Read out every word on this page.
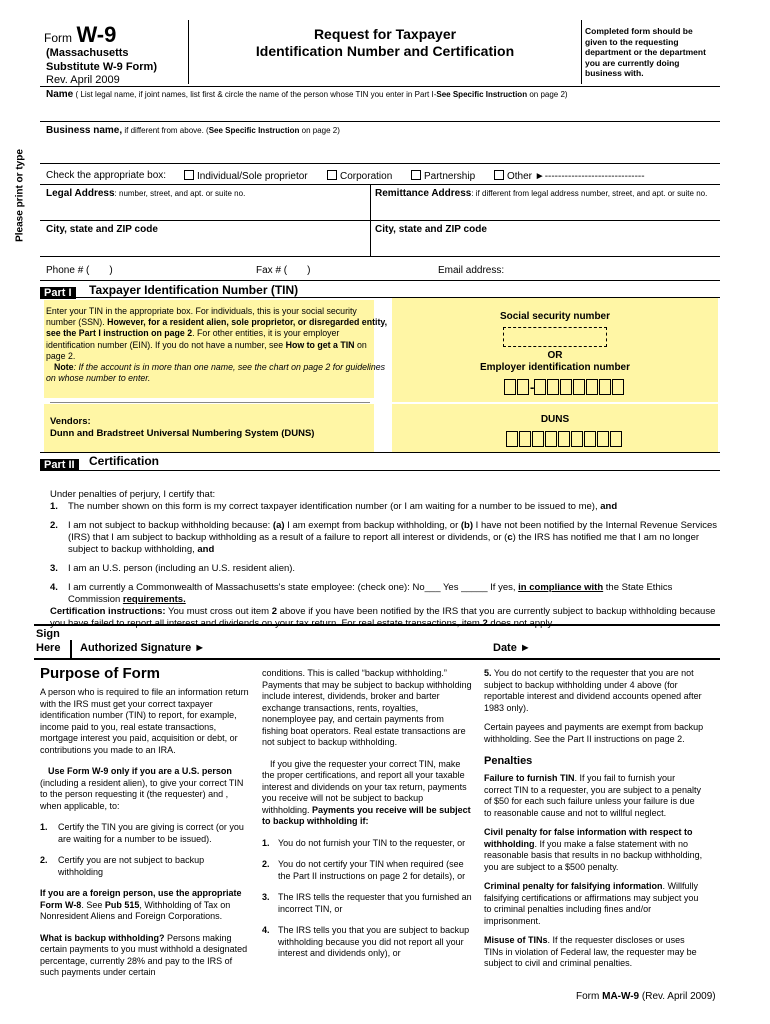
Form W-9
(Massachusetts
Substitute W-9 Form)
Rev. April 2009
Request for Taxpayer
Identification Number and Certification
Completed form should be given to the requesting department or the department you are currently doing business with.
Please print or type
Name ( List legal name, if joint names, list first & circle the name of the person whose TIN you enter in Part I-See Specific Instruction on page 2)
Business name, if different from above. (See Specific Instruction on page 2)
Check the appropriate box:	Individual/Sole proprietor	Corporation	Partnership	Other ►------------------------------
Legal Address: number, street, and apt. or suite no.	Remittance Address: if different from legal address number, street, and apt. or suite no.
City, state and ZIP code	City, state and ZIP code
Phone # ( )	Fax # ( )	Email address:
Part I	Taxpayer Identification Number (TIN)
Enter your TIN in the appropriate box. For individuals, this is your social security number (SSN). However, for a resident alien, sole proprietor, or disregarded entity, see the Part I instruction on page 2. For other entities, it is your employer identification number (EIN). If you do not have a number, see How to get a TIN on page 2.
Note: If the account is in more than one name, see the chart on page 2 for guidelines on whose number to enter.
Social security number
OR
Employer identification number
-
Vendors:
Dunn and Bradstreet Universal Numbering System (DUNS)
DUNS
Part II	Certification
Under penalties of perjury, I certify that:
1.	The number shown on this form is my correct taxpayer identification number (or I am waiting for a number to be issued to me), and
2.	I am not subject to backup withholding because: (a) I am exempt from backup withholding, or (b) I have not been notified by the Internal Revenue Services (IRS) that I am subject to backup withholding as a result of a failure to report all interest or dividends, or (c) the IRS has notified me that I am no longer subject to backup withholding, and
3.	I am an U.S. person (including an U.S. resident alien).
4.	I am currently a Commonwealth of Massachusetts's state employee: (check one): No___ Yes _____ If yes, in compliance with the State Ethics Commission requirements.
Certification instructions: You must cross out item 2 above if you have been notified by the IRS that you are currently subject to backup withholding because you have failed to report all interest and dividends on your tax return. For real estate transactions, item 2 does not apply.
Sign
Here Authorized Signature ►	Date ►
Purpose of Form
A person who is required to file an information return with the IRS must get your correct taxpayer identification number (TIN) to report, for example, income paid to you, real estate transactions, mortgage interest you paid, acquisition or debt, or contributions you made to an IRA.
Use Form W-9 only if you are a U.S. person (including a resident alien), to give your correct TIN to the person requesting it (the requester) and , when applicable, to:
1.	Certify the TIN you are giving is correct (or you are waiting for a number to be issued).
2.	Certify you are not subject to backup withholding
If you are a foreign person, use the appropriate Form W-8. See Pub 515, Withholding of Tax on Nonresident Aliens and Foreign Corporations.
What is backup withholding? Persons making certain payments to you must withhold a designated percentage, currently 28% and pay to the IRS of such payments under certain
conditions. This is called “backup withholding.” Payments that may be subject to backup withholding include interest, dividends, broker and barter exchange transactions, rents, royalties, nonemployee pay, and certain payments from fishing boat operators. Real estate transactions are not subject to backup withholding.
If you give the requester your correct TIN, make the proper certifications, and report all your taxable interest and dividends on your tax return, payments you receive will not be subject to backup withholding. Payments you receive will be subject to backup withholding if:
1. You do not furnish your TIN to the requester, or
2. You do not certify your TIN when required (see the Part II instructions on page 2 for details), or
3. The IRS tells the requester that you furnished an incorrect TIN, or
4. The IRS tells you that you are subject to backup withholding because you did not report all your interest and dividends only), or
5. You do not certify to the requester that you are not subject to backup withholding under 4 above (for reportable interest and dividend accounts opened after 1983 only).
Certain payees and payments are exempt from backup withholding. See the Part II instructions on page 2.
Penalties
Failure to furnish TIN. If you fail to furnish your correct TIN to a requester, you are subject to a penalty of $50 for each such failure unless your failure is due to reasonable cause and not to willful neglect.
Civil penalty for false information with respect to withholding. If you make a false statement with no reasonable basis that results in no backup withholding, you are subject to a $500 penalty.
Criminal penalty for falsifying information. Willfully falsifying certifications or affirmations may subject you to criminal penalties including fines and/or imprisonment.
Misuse of TINs. If the requester discloses or uses TINs in violation of Federal law, the requester may be subject to civil and criminal penalties.
Form MA-W-9 (Rev. April 2009)
